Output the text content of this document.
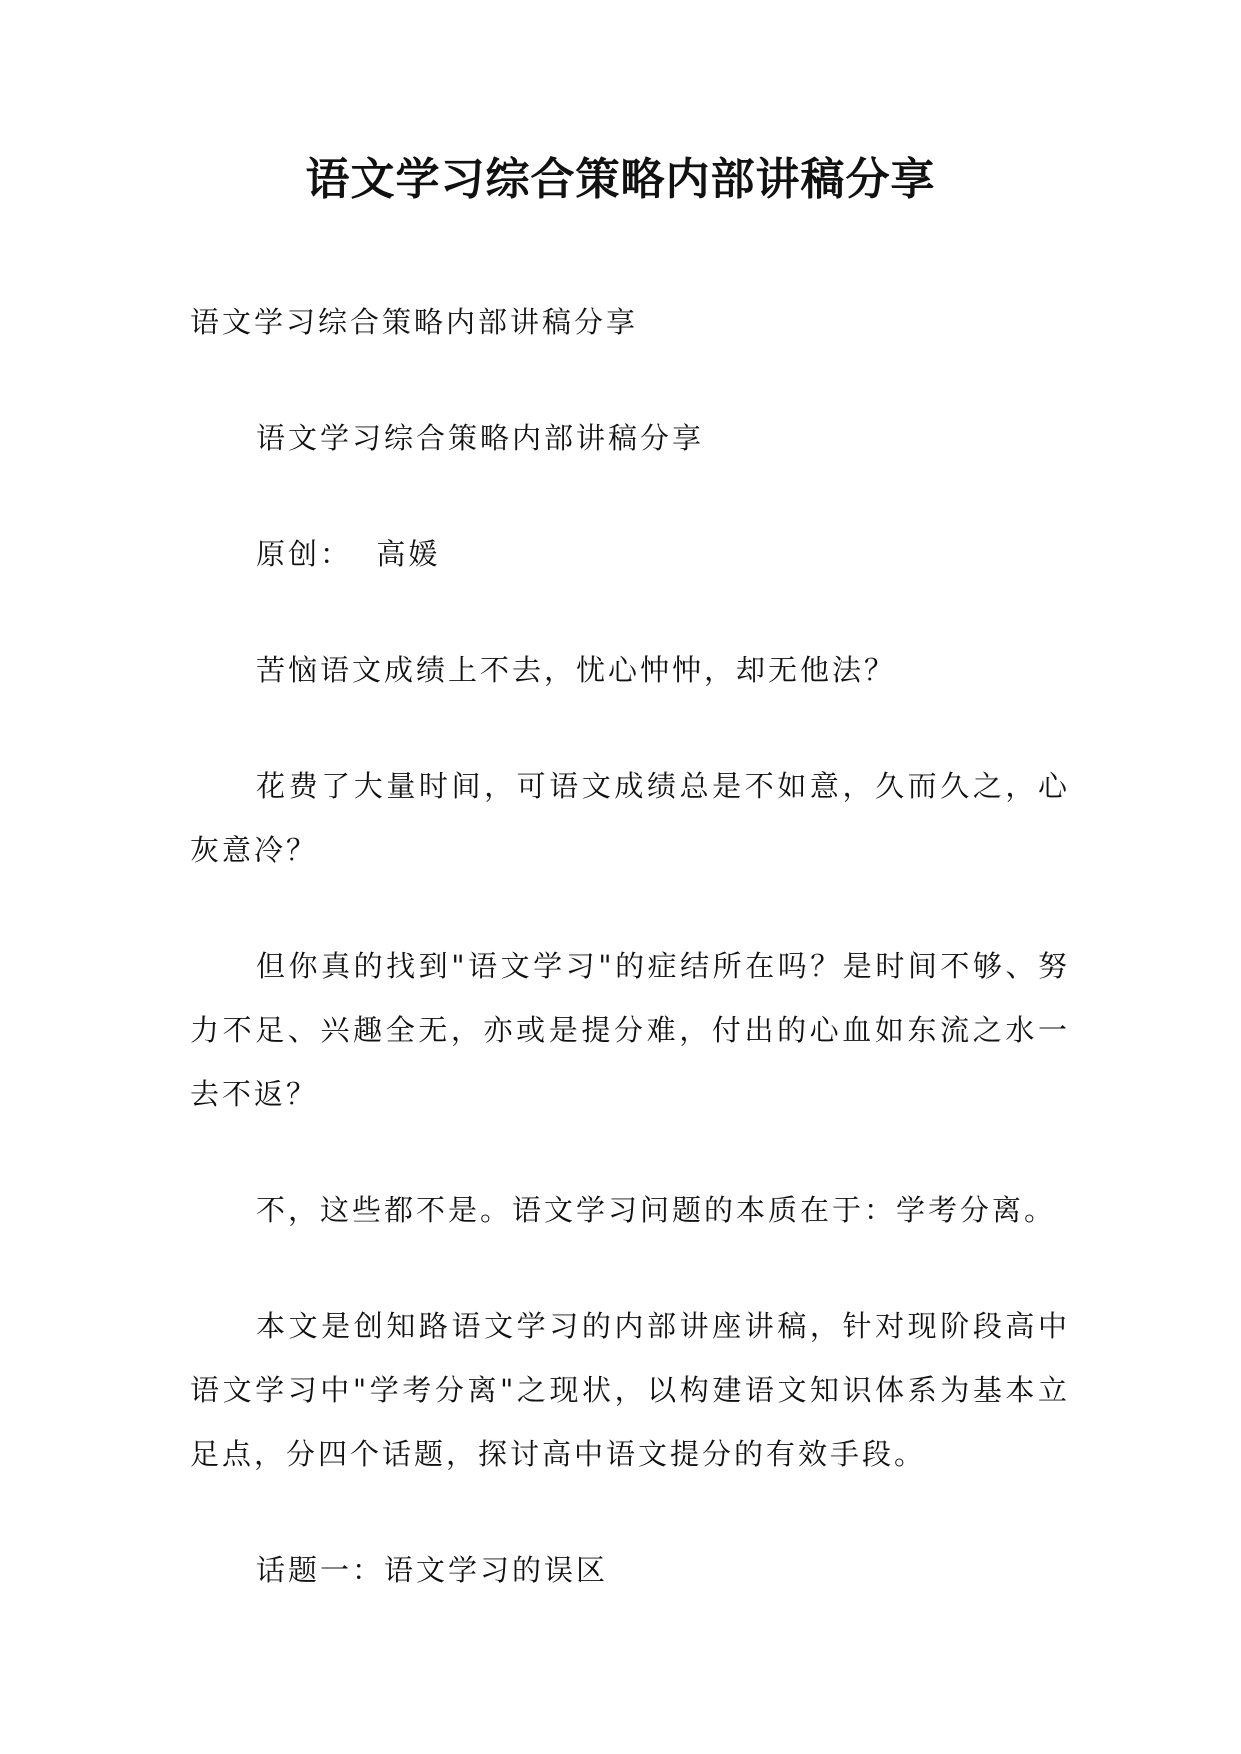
语文学习综合策略内部讲稿分享

语文学习综合策略内部讲稿分享

语文学习综合策略内部讲稿分享

原创：  高媛

苦恼语文成绩上不去，忧心忡忡，却无他法？

花费了大量时间，可语文成绩总是不如意，久而久之，心灰意冷？

但你真的找到"语文学习"的症结所在吗？是时间不够、努力不足、兴趣全无，亦或是提分难，付出的心血如东流之水一去不返？

不，这些都不是。语文学习问题的本质在于：学考分离。

本文是创知路语文学习的内部讲座讲稿，针对现阶段高中语文学习中"学考分离"之现状，以构建语文知识体系为基本立足点，分四个话题，探讨高中语文提分的有效手段。

话题一：语文学习的误区
